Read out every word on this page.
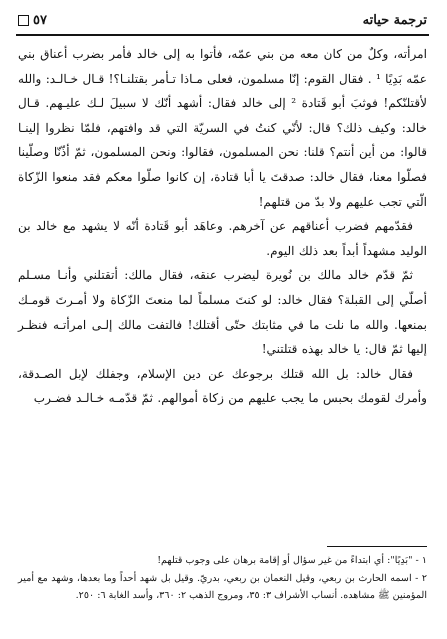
٥٧	ترجمة حياته

امرأته، وكلٌ من كان معه من بني عمّه، فأتوا به إلى خالد فأمر بضرب أعناق بني عمّه بَدِيًا ¹ . فقال القوم: إنّا مسلمون، فعلى مـاذا تـأمر بقتلنـا؟! قـال خـالـد: والله لأقتلنّكم! فوثبَ أبو قَتادة ² إلى خالد فقال: أشهد أنّك لا سبيلَ لـك عليـهم. قـال خالد: وكيف ذلك؟ قال: لأنّي كنتُ في السريّة التي قد وافتهم، فلمّا نظروا إلينـا قالوا: من أين أنتم؟ قلنا: نحن المسلمون، فقالوا: ونحن المسلمون، ثمّ أذّنّا وصلّينا فصلّوا معنا، فقال خالد: صدقتَ يا أبا قتادة، إن كانوا صلّوا معكم فقد منعوا الزّكاة الّتي تجب عليهم ولا بدّ من قتلهم!

فقدّمهم فضرب أعناقهم عن آخرهم. وعاهَد أبو قَتادة أنّه لا يشهد مع خالد بن الوليد مشهداً أبداً بعد ذلك اليوم.

ثمّ قدّم خالد مالك بن نُويرة ليضرب عنقه، فقال مالك: أتقتلني وأنـا مسـلم أصلّي إلى القبلة؟ فقال خالد: لو كنتَ مسلماً لما منعتَ الزّكاة ولا أمـرتَ قومـك بمنعها. والله ما نلت ما في مثابتك حتّى أقتلك! فالتفت مالك إلـى امرأتـه فنظـر إليها ثمّ قال: يا خالد بهذه قتلتني!

فقال خالد: بل الله قتلك برجوعك عن دين الإسلام، وجفلك لإبل الصـدقة، وأمرك لقومك بحبس ما يجب عليهم من زكاة أموالهم. ثمّ قدّمـه خـالـد فضـرب

١ - "بَدِيًا": أي ابتداءً من غير سؤال أو إقامة برهان على وجوب قتلهم!

٢ - اسمه الحارث بن ربعي، وقيل النعمان بن ربعي، بدريّ. وقيل بل شهد أحداً وما بعدها، وشهد مع أمير المؤمنين ﷺ مشاهده. أنساب الأشراف ٣: ٣٥، ومروج الذهب ٢: ٣٦٠، وأسد الغابة ٦: ٢٥٠.
